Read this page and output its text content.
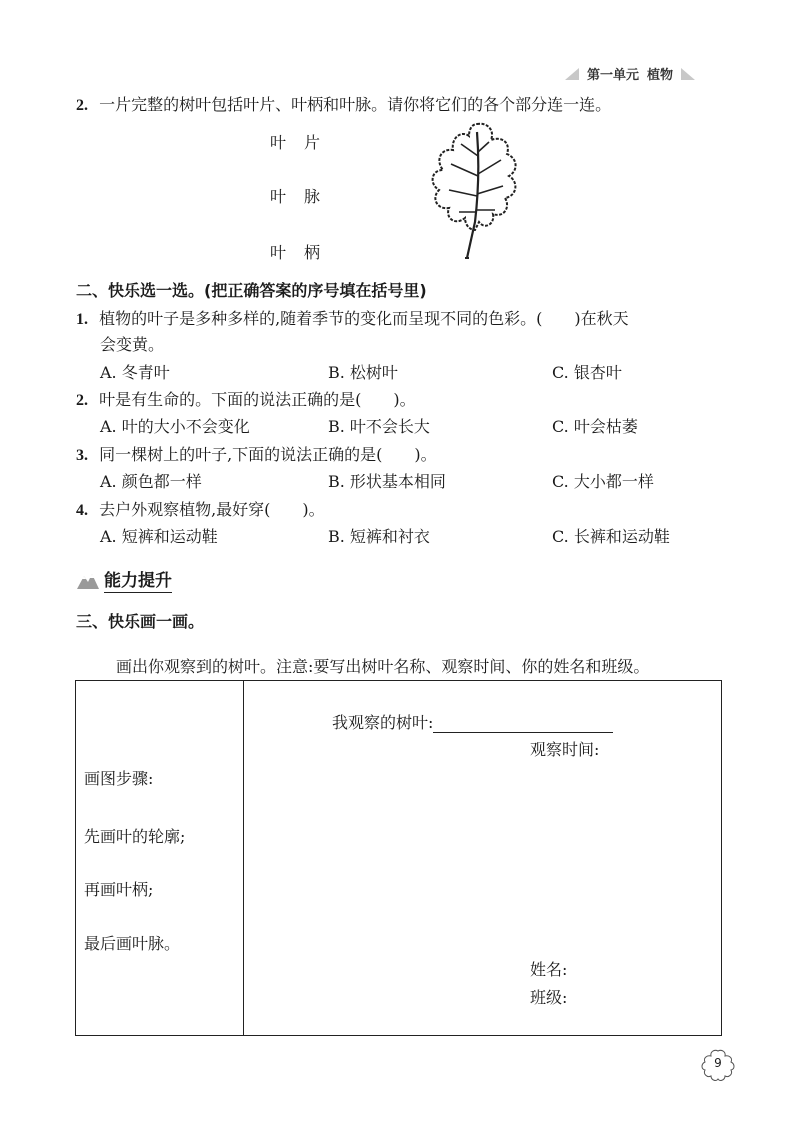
第一单元 植物
2. 一片完整的树叶包括叶片、叶柄和叶脉。请你将它们的各个部分连一连。
叶片
叶脉
叶柄
二、快乐选一选。(把正确答案的序号填在括号里)
1. 植物的叶子是多种多样的,随着季节的变化而呈现不同的色彩。(　　)在秋天
会变黄。
A. 冬青叶	B. 松树叶	C. 银杏叶
2. 叶是有生命的。下面的说法正确的是(　　)。
A. 叶的大小不会变化	B. 叶不会长大	C. 叶会枯萎
3. 同一棵树上的叶子,下面的说法正确的是(　　)。
A. 颜色都一样	B. 形状基本相同	C. 大小都一样
4. 去户外观察植物,最好穿(　　)。
A. 短裤和运动鞋	B. 短裤和衬衣	C. 长裤和运动鞋
能力提升
三、快乐画一画。
画出你观察到的树叶。注意:要写出树叶名称、观察时间、你的姓名和班级。
画图步骤:
先画叶的轮廓;
再画叶柄;
最后画叶脉。
我观察的树叶:
观察时间:
姓名:
班级:
9
